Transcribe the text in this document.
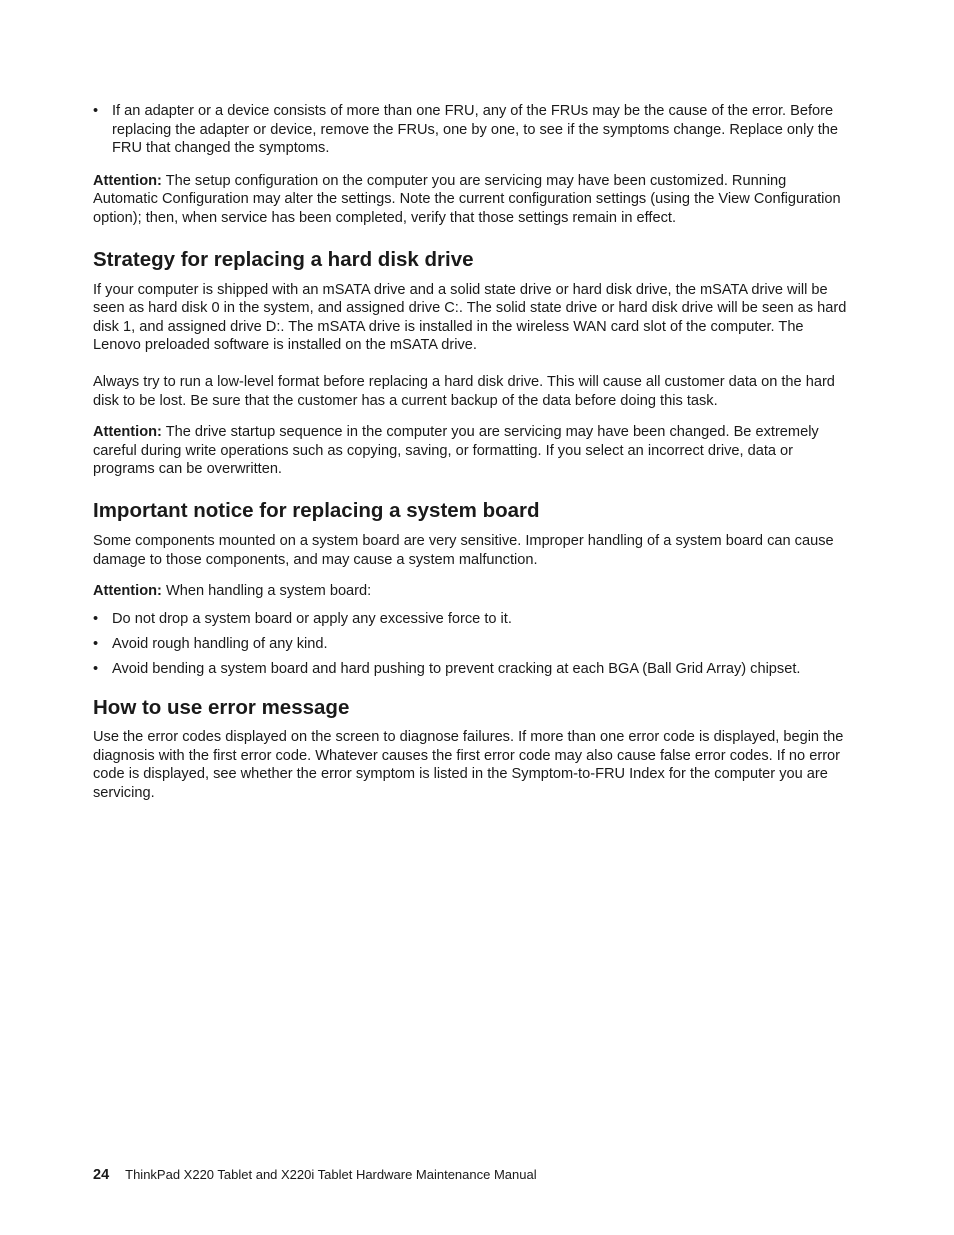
• If an adapter or a device consists of more than one FRU, any of the FRUs may be the cause of the error. Before replacing the adapter or device, remove the FRUs, one by one, to see if the symptoms change. Replace only the FRU that changed the symptoms.

Attention: The setup configuration on the computer you are servicing may have been customized. Running Automatic Configuration may alter the settings. Note the current configuration settings (using the View Configuration option); then, when service has been completed, verify that those settings remain in effect.

Strategy for replacing a hard disk drive

If your computer is shipped with an mSATA drive and a solid state drive or hard disk drive, the mSATA drive will be seen as hard disk 0 in the system, and assigned drive C:. The solid state drive or hard disk drive will be seen as hard disk 1, and assigned drive D:. The mSATA drive is installed in the wireless WAN card slot of the computer. The Lenovo preloaded software is installed on the mSATA drive.

Always try to run a low-level format before replacing a hard disk drive. This will cause all customer data on the hard disk to be lost. Be sure that the customer has a current backup of the data before doing this task.

Attention: The drive startup sequence in the computer you are servicing may have been changed. Be extremely careful during write operations such as copying, saving, or formatting. If you select an incorrect drive, data or programs can be overwritten.

Important notice for replacing a system board

Some components mounted on a system board are very sensitive. Improper handling of a system board can cause damage to those components, and may cause a system malfunction.

Attention: When handling a system board:

• Do not drop a system board or apply any excessive force to it.
• Avoid rough handling of any kind.
• Avoid bending a system board and hard pushing to prevent cracking at each BGA (Ball Grid Array) chipset.
How to use error message

Use the error codes displayed on the screen to diagnose failures. If more than one error code is displayed, begin the diagnosis with the first error code. Whatever causes the first error code may also cause false error codes. If no error code is displayed, see whether the error symptom is listed in the Symptom-to-FRU Index for the computer you are servicing.

24 ThinkPad X220 Tablet and X220i Tablet Hardware Maintenance Manual
